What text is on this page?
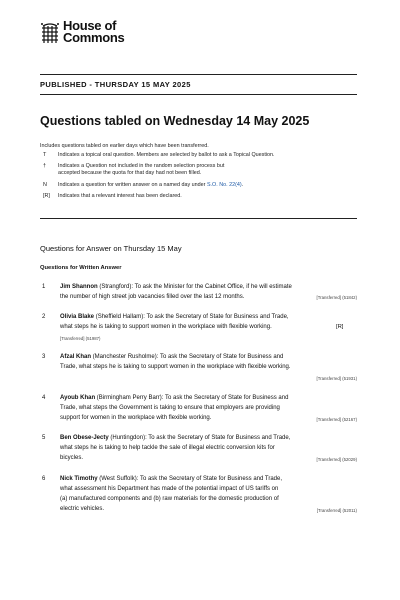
House of
Commons
PUBLISHED - THURSDAY 15 MAY 2025
Questions tabled on Wednesday 14 May 2025
Includes questions tabled on earlier days which have been transferred.
T Indicates a topical oral question. Members are selected by ballot to ask a Topical Question.
† Indicates a Question not included in the random selection process but
accepted because the quota for that day had not been filled.
N Indicates a question for written answer on a named day under S.O. No. 22(4).
[R] Indicates that a relevant interest has been declared.
Questions for Answer on Thursday 15 May
Questions for Written Answer
1 Jim Shannon (Strangford): To ask the Minister for the Cabinet Office, if he will estimate
the number of high street job vacancies filled over the last 12 months.	[Transferred] (51842)
2 Olivia Blake (Sheffield Hallam): To ask the Secretary of State for Business and Trade,
what steps he is taking to support women in the workplace with flexible working.	[R]
[Transferred] (51987)
3 Afzal Khan (Manchester Rusholme): To ask the Secretary of State for Business and
Trade, what steps he is taking to support women in the workplace with flexible working.
[Transferred] (51931)
4 Ayoub Khan (Birmingham Perry Barr): To ask the Secretary of State for Business and
Trade, what steps the Government is taking to ensure that employers are providing
support for women in the workplace with flexible working.	[Transferred] (52167)
5 Ben Obese-Jecty (Huntingdon): To ask the Secretary of State for Business and Trade,
what steps he is taking to help tackle the sale of illegal electric conversion kits for
bicycles.	[Transferred] (52029)
6 Nick Timothy (West Suffolk): To ask the Secretary of State for Business and Trade,
what assessment his Department has made of the potential impact of US tariffs on
(a) manufactured components and (b) raw materials for the domestic production of
electric vehicles.	[Transferred] (52011)
